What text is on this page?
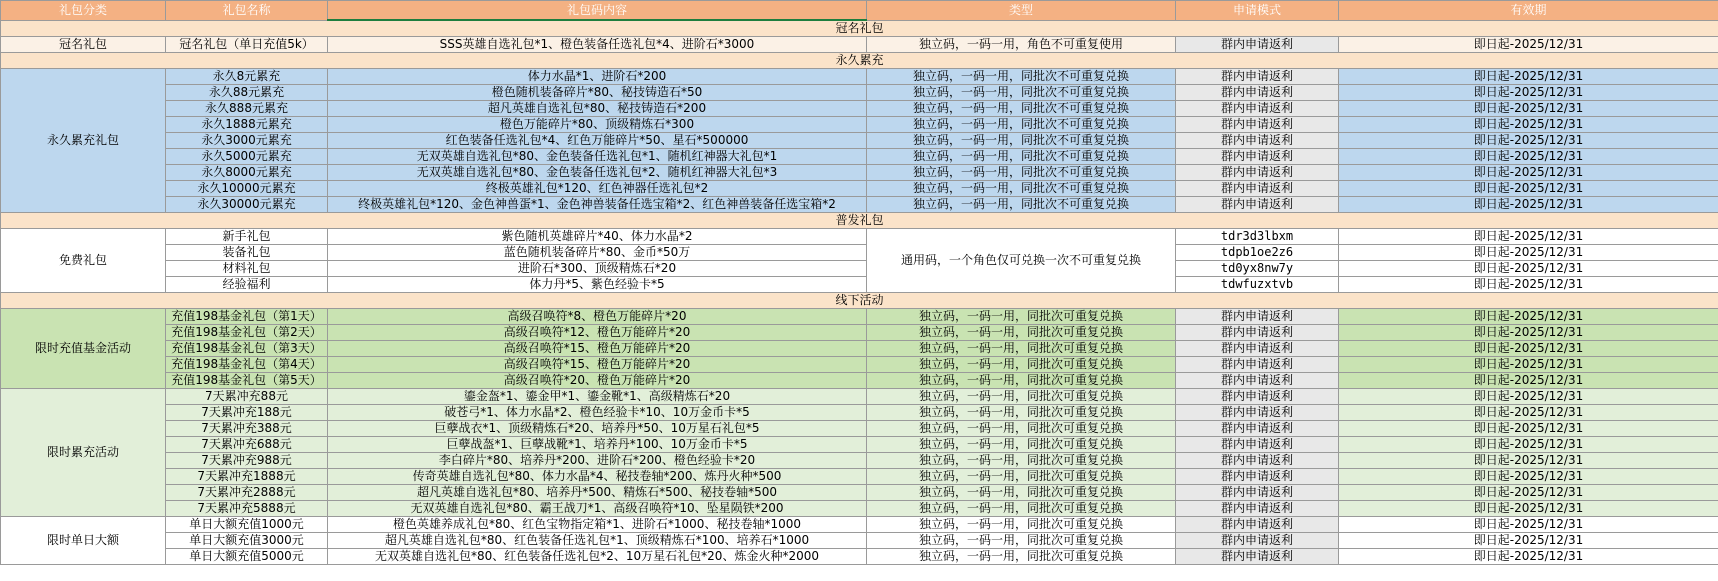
礼包分类	礼包名称	礼包码内容	类型	申请模式	有效期
冠名礼包					
冠名礼包	冠名礼包（单日充值5k）	SSS英雄自选礼包*1、橙色装备任选礼包*4、进阶石*3000	独立码，一码一用，角色不可重复使用	群内申请返利	即日起-2025/12/31
永久累充					
永久累充礼包	永久8元累充	体力水晶*1、进阶石*200	独立码，一码一用，同批次不可重复兑换	群内申请返利	即日起-2025/12/31
	永久88元累充	橙色随机装备碎片*80、秘技铸造石*50	独立码，一码一用，同批次不可重复兑换	群内申请返利	即日起-2025/12/31
	永久888元累充	超凡英雄自选礼包*80、秘技铸造石*200	独立码，一码一用，同批次不可重复兑换	群内申请返利	即日起-2025/12/31
	永久1888元累充	橙色万能碎片*80、顶级精炼石*300	独立码，一码一用，同批次不可重复兑换	群内申请返利	即日起-2025/12/31
	永久3000元累充	红色装备任选礼包*4、红色万能碎片*50、星石*500000	独立码，一码一用，同批次不可重复兑换	群内申请返利	即日起-2025/12/31
	永久5000元累充	无双英雄自选礼包*80、金色装备任选礼包*1、随机红神器大礼包*1	独立码，一码一用，同批次不可重复兑换	群内申请返利	即日起-2025/12/31
	永久8000元累充	无双英雄自选礼包*80、金色装备任选礼包*2、随机红神器大礼包*3	独立码，一码一用，同批次不可重复兑换	群内申请返利	即日起-2025/12/31
	永久10000元累充	终极英雄礼包*120、红色神器任选礼包*2	独立码，一码一用，同批次不可重复兑换	群内申请返利	即日起-2025/12/31
	永久30000元累充	终极英雄礼包*120、金色神兽蛋*1、金色神兽装备任选宝箱*2、红色神兽装备任选宝箱*2	独立码，一码一用，同批次不可重复兑换	群内申请返利	即日起-2025/12/31
普发礼包					
免费礼包	新手礼包	紫色随机英雄碎片*40、体力水晶*2	通用码，一个角色仅可兑换一次不可重复兑换	tdr3d3lbxm	即日起-2025/12/31
	装备礼包	蓝色随机装备碎片*80、金币*50万		tdpb1oe2z6	即日起-2025/12/31
	材料礼包	进阶石*300、顶级精炼石*20		td0yx8nw7y	即日起-2025/12/31
	经验福利	体力丹*5、紫色经验卡*5		tdwfuzxtvb	即日起-2025/12/31
线下活动					
限时充值基金活动	充值198基金礼包（第1天）	高级召唤符*8、橙色万能碎片*20	独立码，一码一用，同批次可重复兑换	群内申请返利	即日起-2025/12/31
	充值198基金礼包（第2天）	高级召唤符*12、橙色万能碎片*20	独立码，一码一用，同批次可重复兑换	群内申请返利	即日起-2025/12/31
	充值198基金礼包（第3天）	高级召唤符*15、橙色万能碎片*20	独立码，一码一用，同批次可重复兑换	群内申请返利	即日起-2025/12/31
	充值198基金礼包（第4天）	高级召唤符*15、橙色万能碎片*20	独立码，一码一用，同批次可重复兑换	群内申请返利	即日起-2025/12/31
	充值198基金礼包（第5天）	高级召唤符*20、橙色万能碎片*20	独立码，一码一用，同批次可重复兑换	群内申请返利	即日起-2025/12/31
限时累充活动	7天累冲充88元	鎏金盔*1、鎏金甲*1、鎏金靴*1、高级精炼石*20	独立码，一码一用，同批次可重复兑换	群内申请返利	即日起-2025/12/31
	7天累冲充188元	破苍弓*1、体力水晶*2、橙色经验卡*10、10万金币卡*5	独立码，一码一用，同批次可重复兑换	群内申请返利	即日起-2025/12/31
	7天累冲充388元	巨孽战衣*1、顶级精炼石*20、培养丹*50、10万星石礼包*5	独立码，一码一用，同批次可重复兑换	群内申请返利	即日起-2025/12/31
	7天累冲充688元	巨孽战盔*1、巨孽战靴*1、培养丹*100、10万金币卡*5	独立码，一码一用，同批次可重复兑换	群内申请返利	即日起-2025/12/31
	7天累冲充988元	李白碎片*80、培养丹*200、进阶石*200、橙色经验卡*20	独立码，一码一用，同批次可重复兑换	群内申请返利	即日起-2025/12/31
	7天累冲充1888元	传奇英雄自选礼包*80、体力水晶*4、秘技卷轴*200、炼丹火种*500	独立码，一码一用，同批次可重复兑换	群内申请返利	即日起-2025/12/31
	7天累冲充2888元	超凡英雄自选礼包*80、培养丹*500、精炼石*500、秘技卷轴*500	独立码，一码一用，同批次可重复兑换	群内申请返利	即日起-2025/12/31
	7天累冲充5888元	无双英雄自选礼包*80、霸王战刀*1、高级召唤符*10、坠星陨铁*200	独立码，一码一用，同批次可重复兑换	群内申请返利	即日起-2025/12/31
限时单日大额	单日大额充值1000元	橙色英雄养成礼包*80、红色宝物指定箱*1、进阶石*1000、秘技卷轴*1000	独立码，一码一用，同批次可重复兑换	群内申请返利	即日起-2025/12/31
	单日大额充值3000元	超凡英雄自选礼包*80、红色装备任选礼包*1、顶级精炼石*100、培养石*1000	独立码，一码一用，同批次可重复兑换	群内申请返利	即日起-2025/12/31
	单日大额充值5000元	无双英雄自选礼包*80、红色装备任选礼包*2、10万星石礼包*20、炼金火种*2000	独立码，一码一用，同批次可重复兑换	群内申请返利	即日起-2025/12/31
